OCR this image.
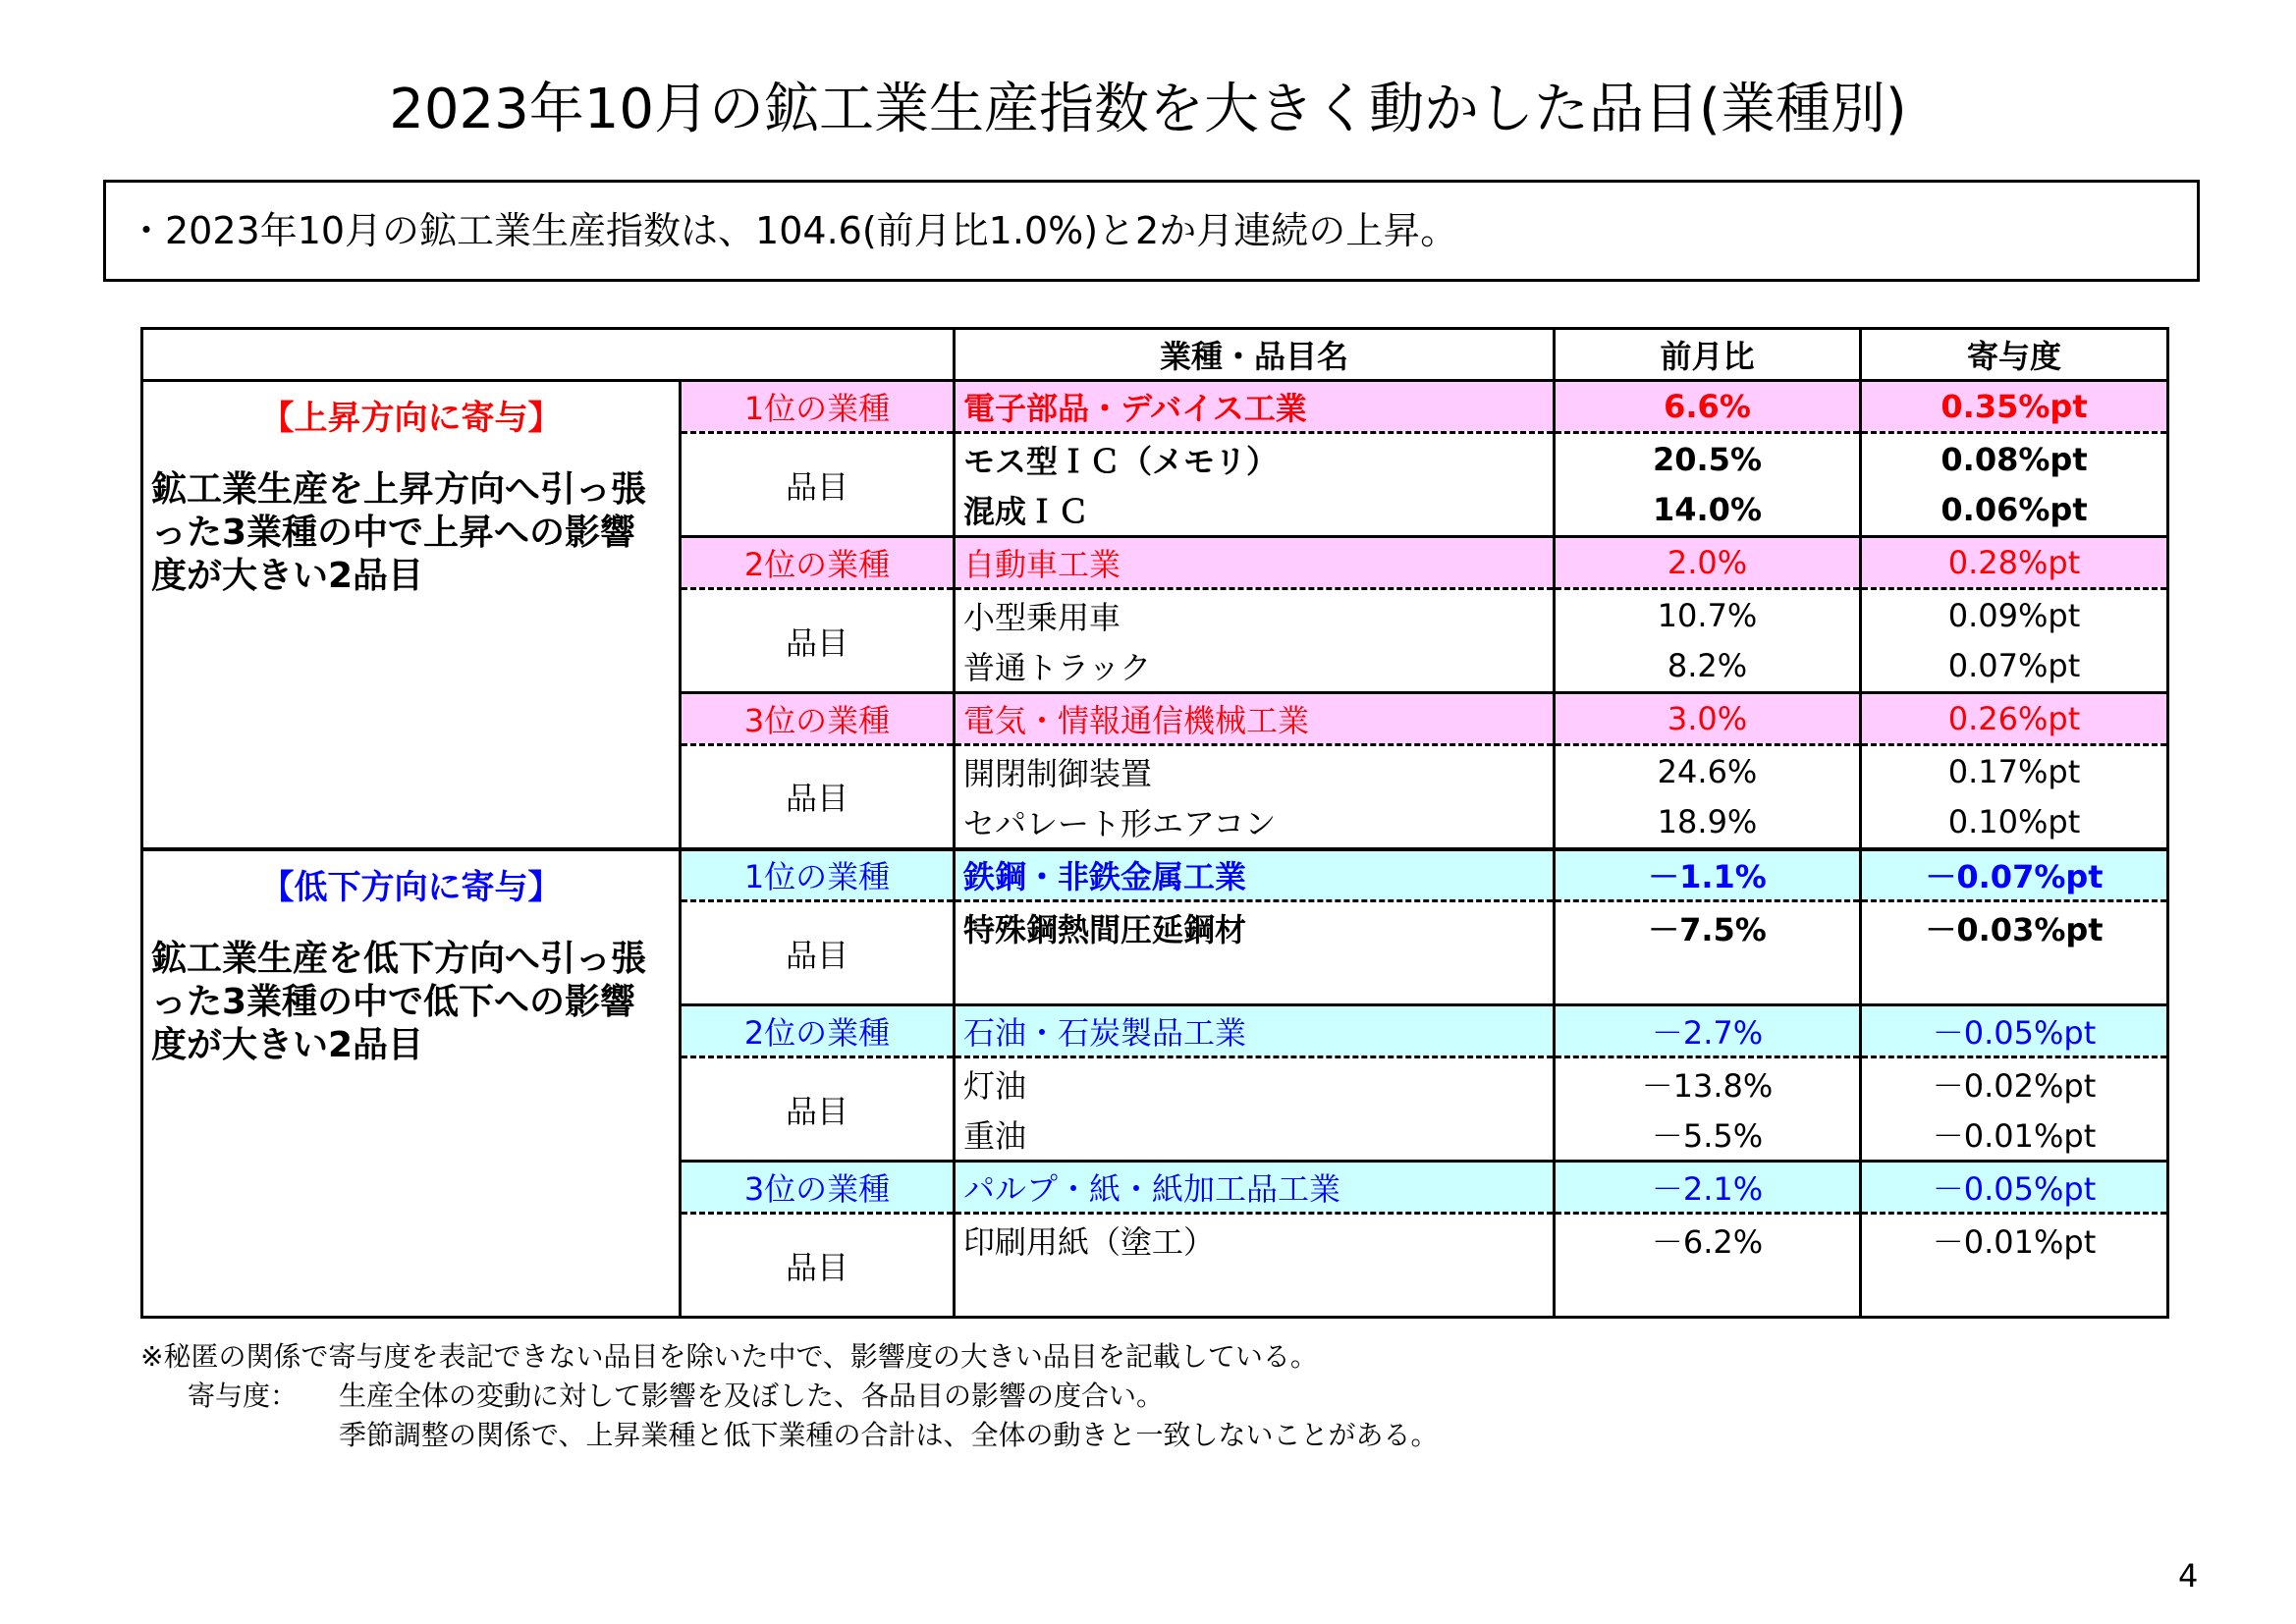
2023年10月の鉱工業生産指数を大きく動かした品目(業種別)
・2023年10月の鉱工業生産指数は、104.6(前月比1.0%)と2か月連続の上昇。
		業種・品目名	前月比	寄与度

【上昇方向に寄与】
鉱工業生産を上昇方向へ引っ張った3業種の中で上昇への影響度が大きい2品目	1位の業種	電子部品・デバイス工業	6.6%	0.35%pt
	品目	モス型ＩＣ（メモリ）	20.5%	0.08%pt
		混成ＩＣ	14.0%	0.06%pt
	2位の業種	自動車工業	2.0%	0.28%pt
	品目	小型乗用車	10.7%	0.09%pt
		普通トラック	8.2%	0.07%pt
	3位の業種	電気・情報通信機械工業	3.0%	0.26%pt
	品目	開閉制御装置	24.6%	0.17%pt
		セパレート形エアコン	18.9%	0.10%pt

【低下方向に寄与】
鉱工業生産を低下方向へ引っ張った3業種の中で低下への影響度が大きい2品目	1位の業種	鉄鋼・非鉄金属工業	－1.1%	－0.07%pt
	品目	特殊鋼熱間圧延鋼材	－7.5%	－0.03%pt

	2位の業種	石油・石炭製品工業	－2.7%	－0.05%pt
	品目	灯油	－13.8%	－0.02%pt
		重油	－5.5%	－0.01%pt
	3位の業種	パルプ・紙・紙加工品工業	－2.1%	－0.05%pt
	品目	印刷用紙（塗工）	－6.2%	－0.01%pt

※秘匿の関係で寄与度を表記できない品目を除いた中で、影響度の大きい品目を記載している。
寄与度： 生産全体の変動に対して影響を及ぼした、各品目の影響の度合い。
季節調整の関係で、上昇業種と低下業種の合計は、全体の動きと一致しないことがある。
4
